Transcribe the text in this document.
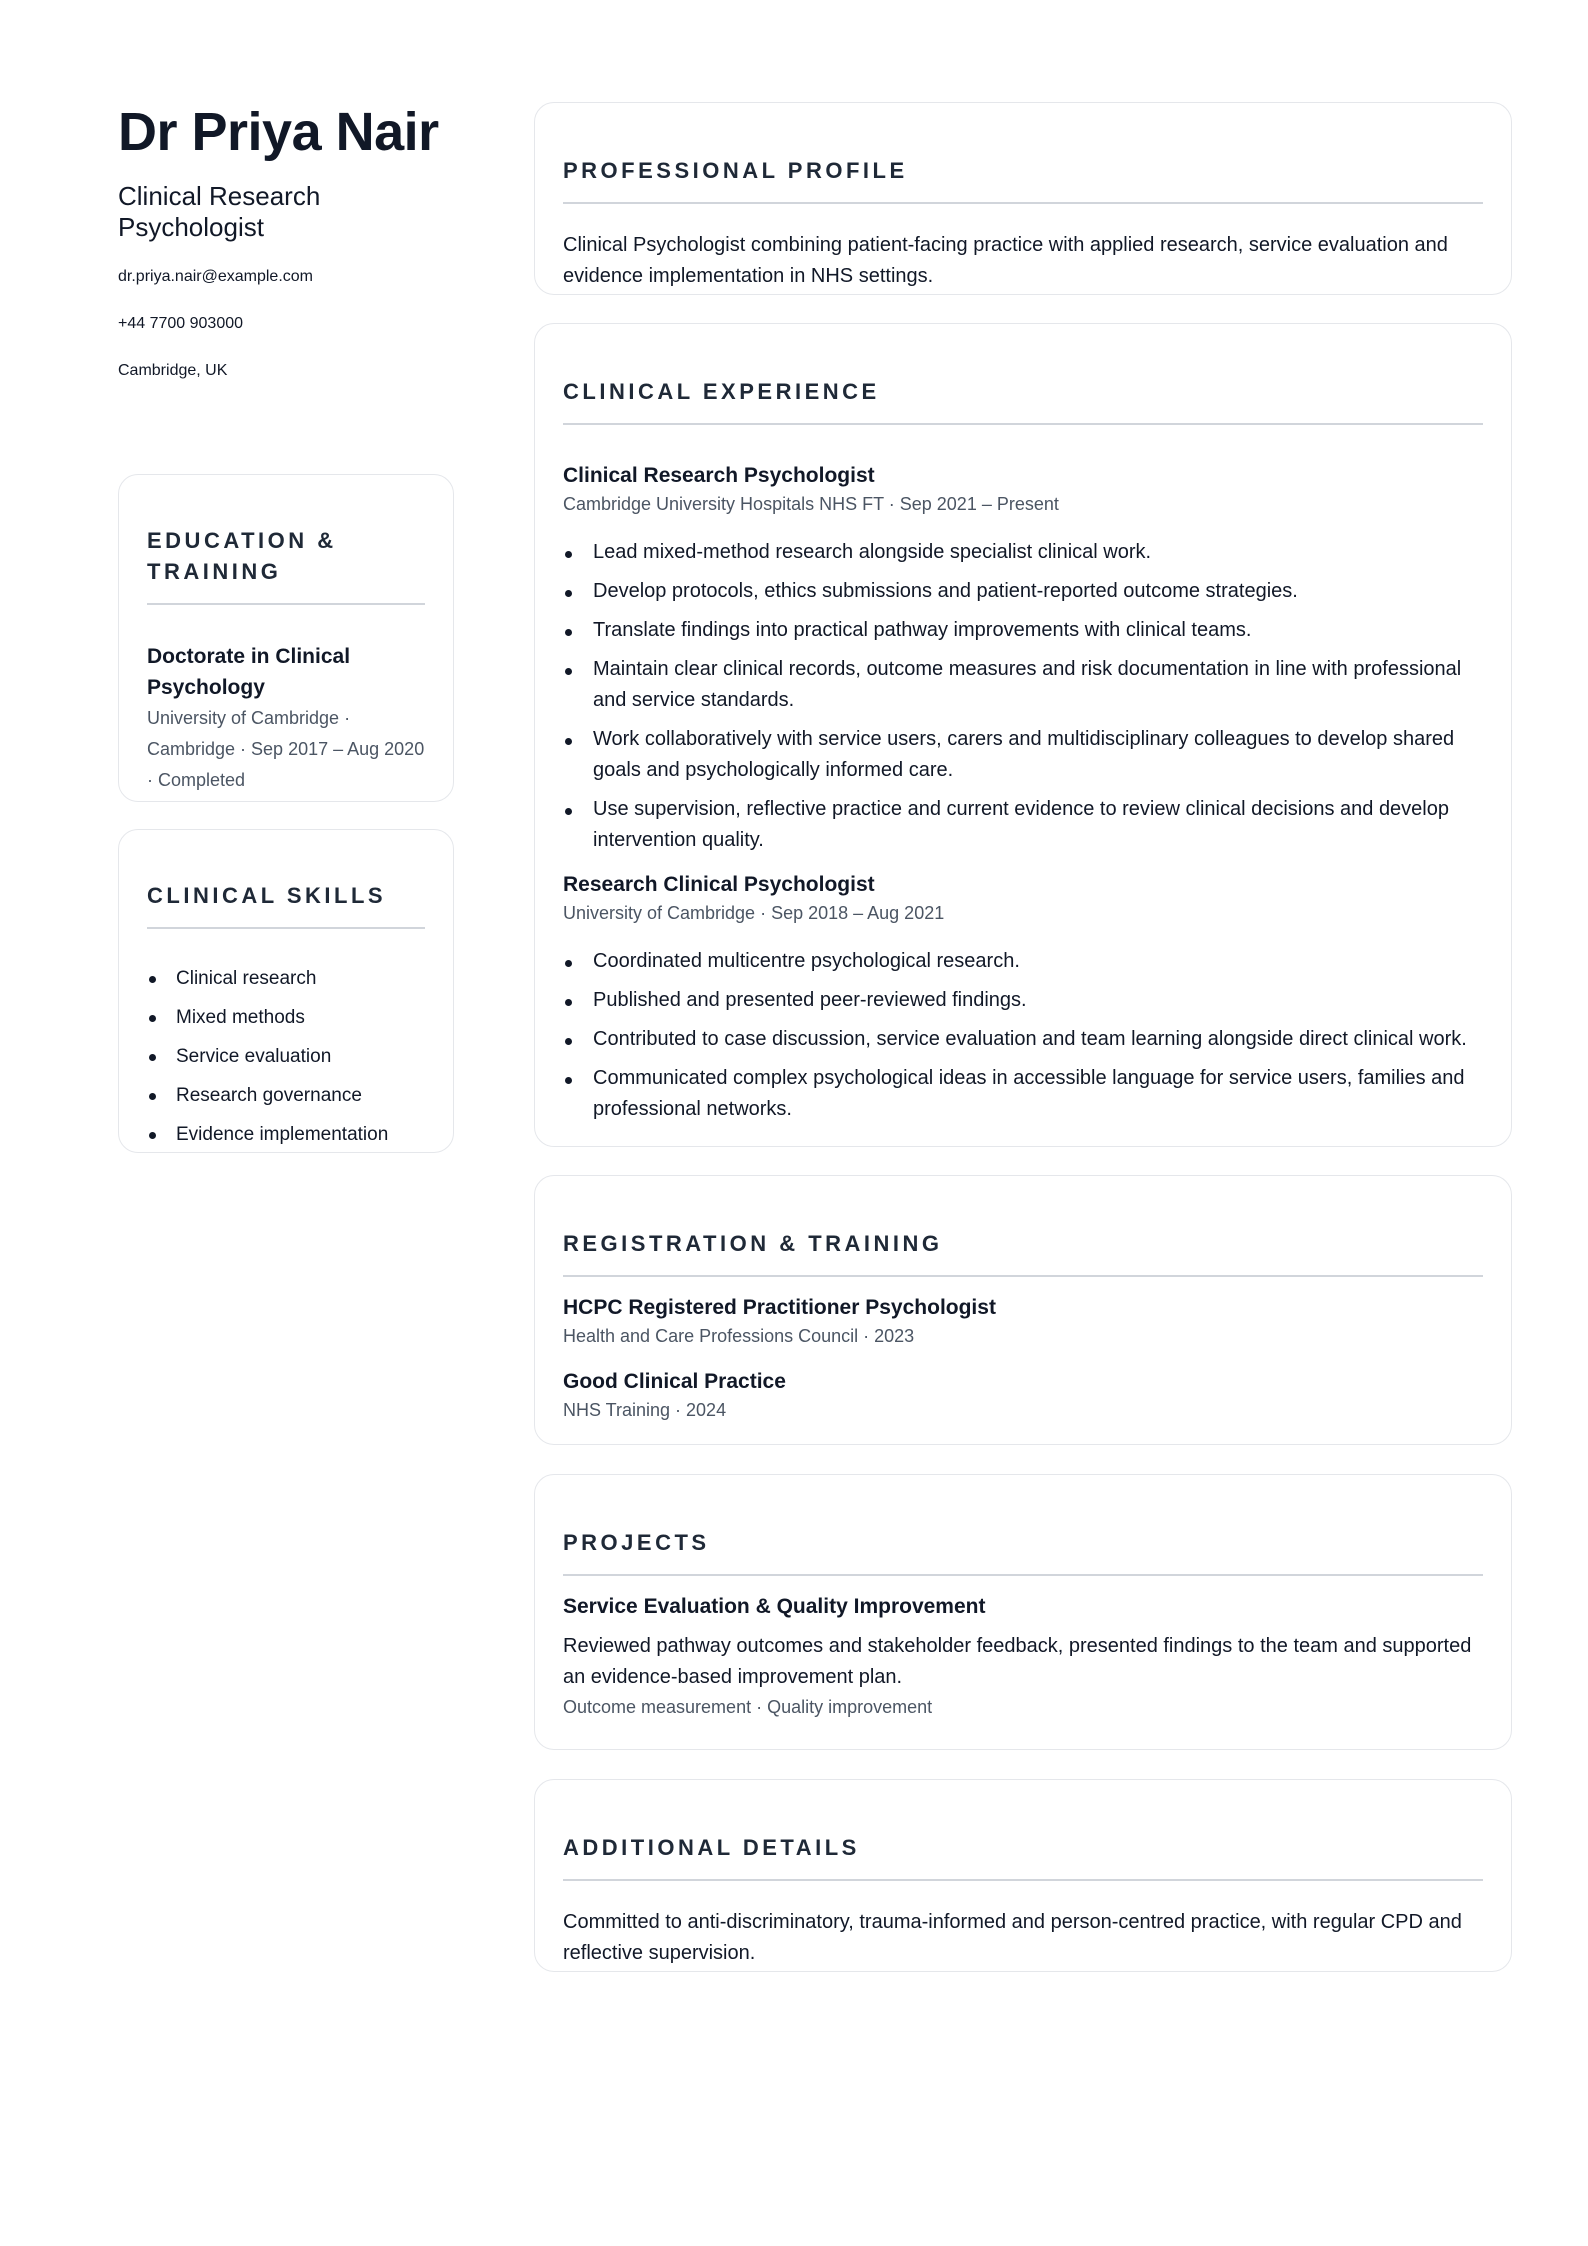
Dr Priya Nair
Clinical Research Psychologist
dr.priya.nair@example.com
+44 7700 903000
Cambridge, UK
EDUCATION & TRAINING
Doctorate in Clinical Psychology
University of Cambridge · Cambridge · Sep 2017 – Aug 2020 · Completed
CLINICAL SKILLS
Clinical research
Mixed methods
Service evaluation
Research governance
Evidence implementation
PROFESSIONAL PROFILE

Clinical Psychologist combining patient-facing practice with applied research, service evaluation and evidence implementation in NHS settings.

CLINICAL EXPERIENCE
Clinical Research Psychologist
Cambridge University Hospitals NHS FT · Sep 2021 – Present
Lead mixed-method research alongside specialist clinical work.
Develop protocols, ethics submissions and patient-reported outcome strategies.
Translate findings into practical pathway improvements with clinical teams.
Maintain clear clinical records, outcome measures and risk documentation in line with professional and service standards.
Work collaboratively with service users, carers and multidisciplinary colleagues to develop shared goals and psychologically informed care.
Use supervision, reflective practice and current evidence to review clinical decisions and develop intervention quality.
Research Clinical Psychologist
University of Cambridge · Sep 2018 – Aug 2021
Coordinated multicentre psychological research.
Published and presented peer-reviewed findings.
Contributed to case discussion, service evaluation and team learning alongside direct clinical work.
Communicated complex psychological ideas in accessible language for service users, families and professional networks.
REGISTRATION & TRAINING
HCPC Registered Practitioner Psychologist
Health and Care Professions Council · 2023
Good Clinical Practice
NHS Training · 2024
PROJECTS
Service Evaluation & Quality Improvement

Reviewed pathway outcomes and stakeholder feedback, presented findings to the team and supported an evidence-based improvement plan.

Outcome measurement · Quality improvement
ADDITIONAL DETAILS

Committed to anti-discriminatory, trauma-informed and person-centred practice, with regular CPD and reflective supervision.
